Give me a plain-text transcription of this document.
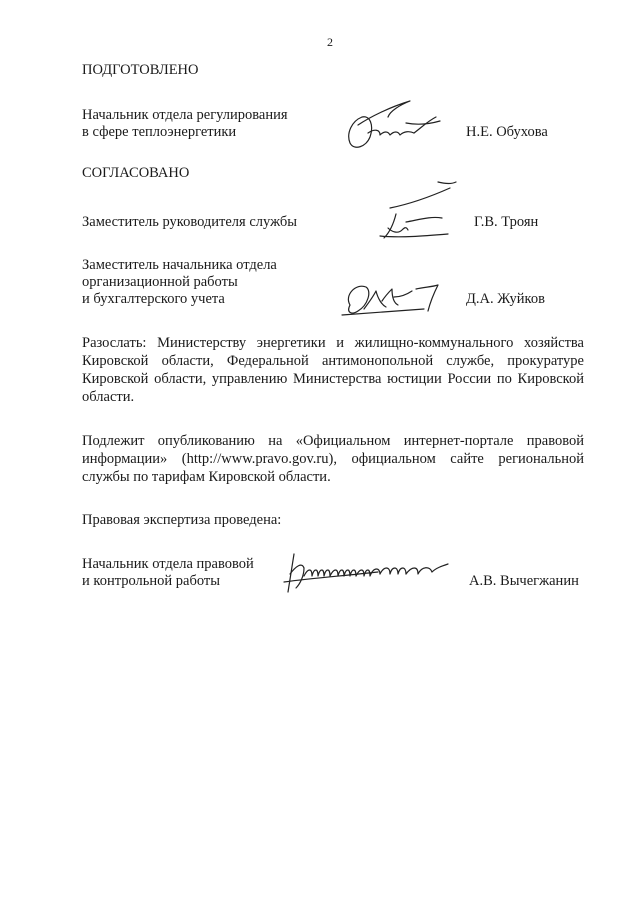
2
ПОДГОТОВЛЕНО
Начальник отдела регулирования
в сфере теплоэнергетики	Н.Е. Обухова
СОГЛАСОВАНО
Заместитель руководителя службы	Г.В. Троян
Заместитель начальника отдела
организационной работы
и бухгалтерского учета	Д.А. Жуйков
Разослать: Министерству энергетики и жилищно-коммунального хозяйства Кировской области, Федеральной антимонопольной службе, прокуратуре Кировской области, управлению Министерства юстиции России по Кировской области.
Подлежит опубликованию на «Официальном интернет-портале правовой информации» (http://www.pravo.gov.ru), официальном сайте региональной службы по тарифам Кировской области.
Правовая экспертиза проведена:
Начальник отдела правовой
и контрольной работы	А.В. Вычегжанин
